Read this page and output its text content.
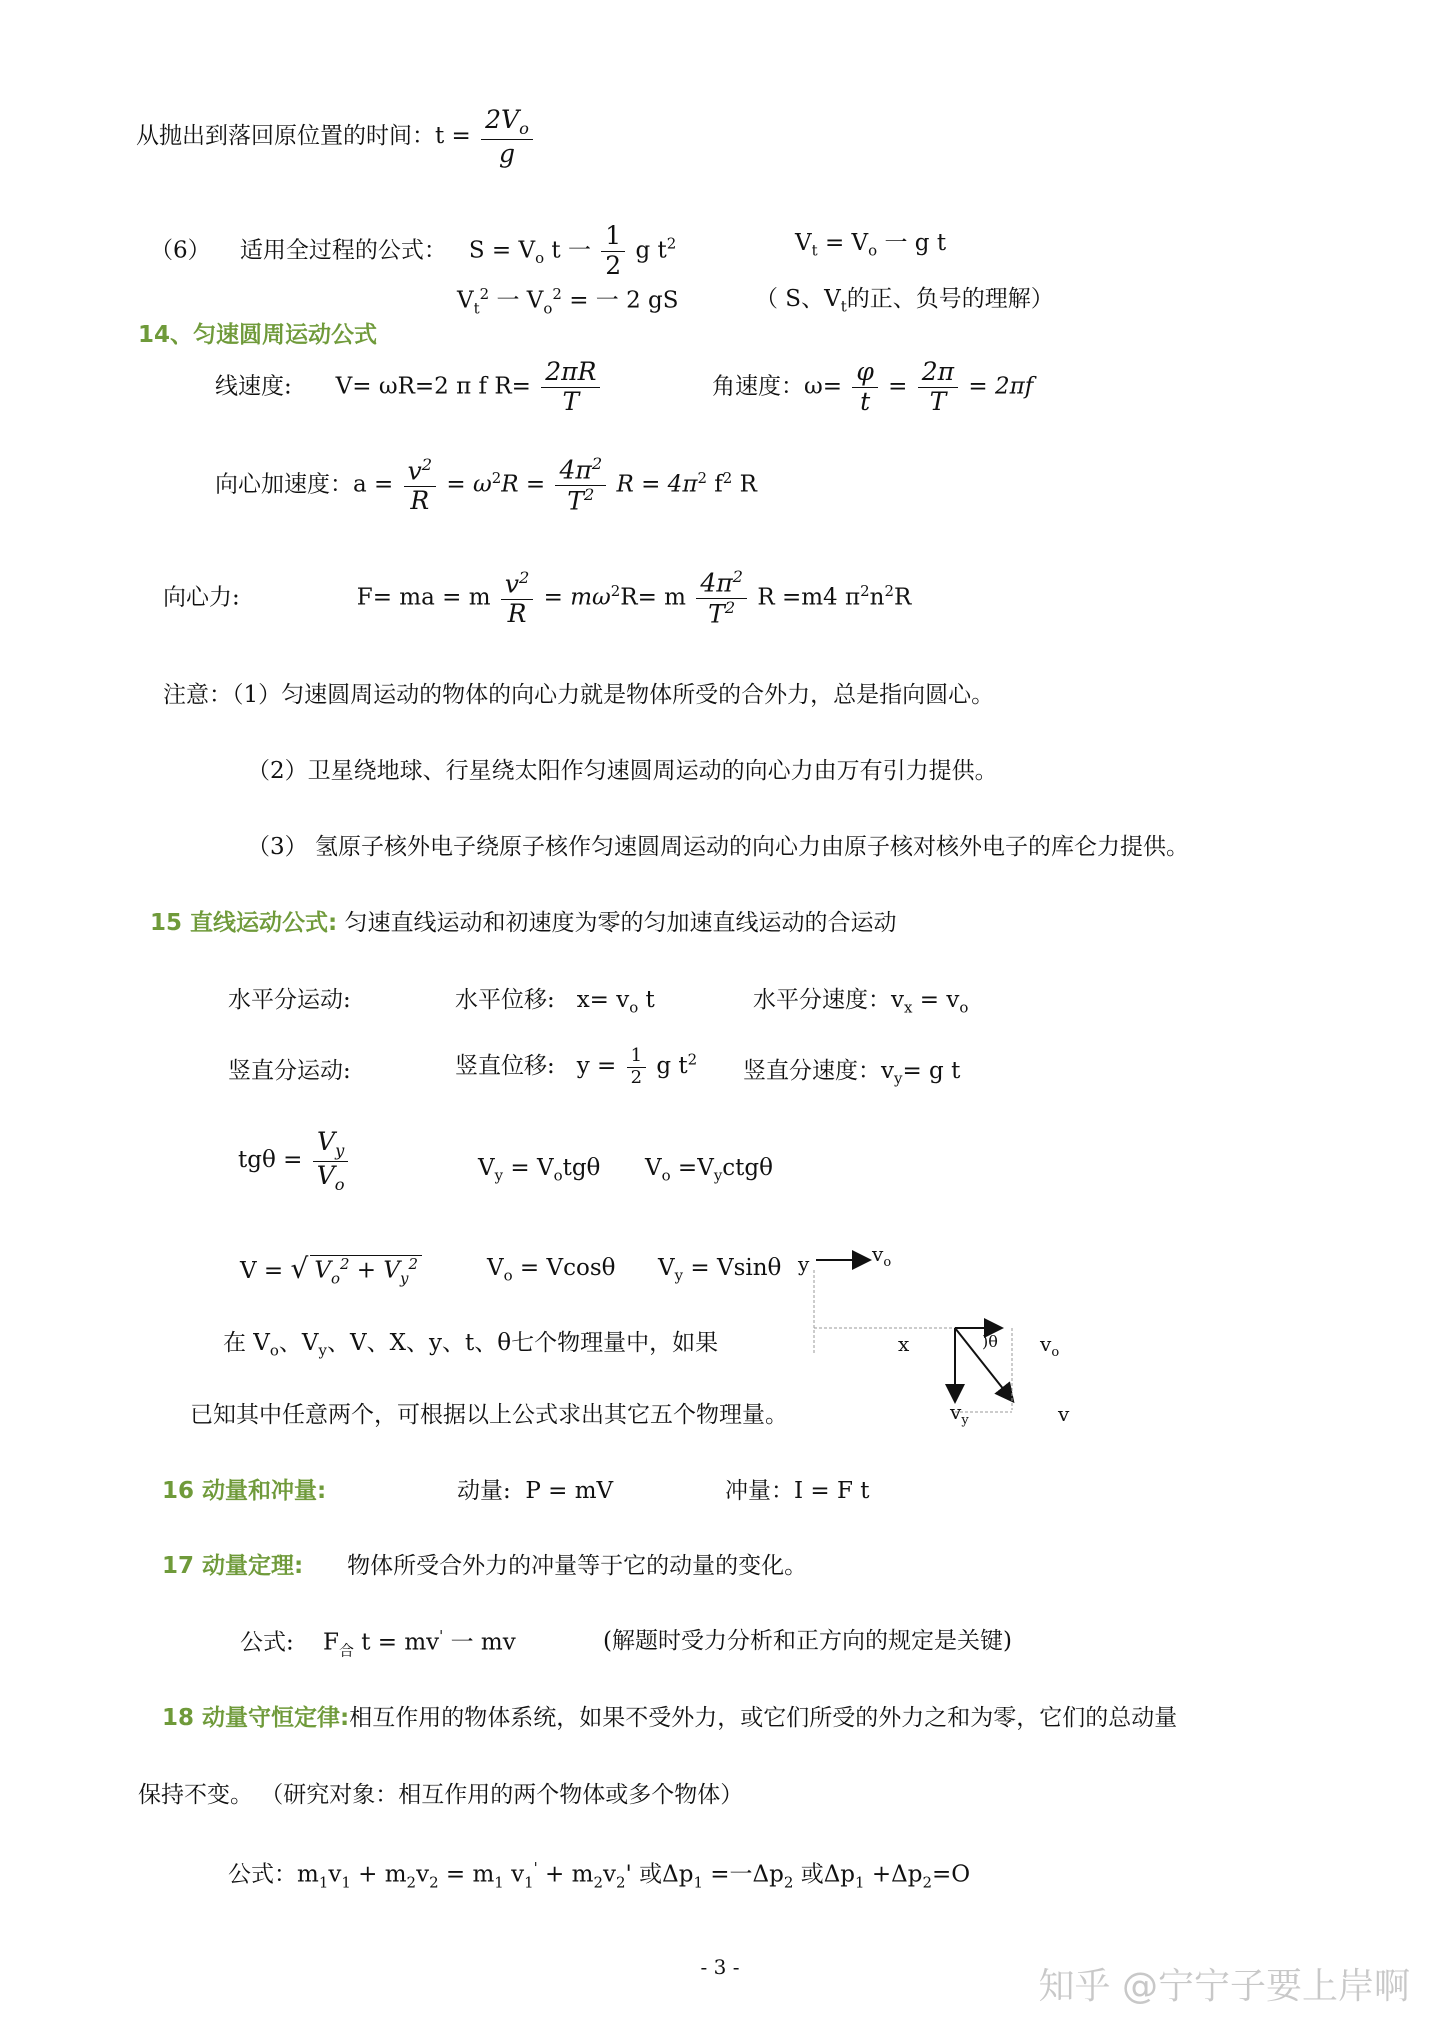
从抛出到落回原位置的时间：$t = \frac{2V_o}{g}$
（6） 适用全过程的公式： $S = V_o$ t 一 $\frac{1}{2}$ g $t^2$	$V_t = V_o$ 一 g t
$V_t^2$ 一 $V_o^2$ = 一 2 gS	（ S、$V_t$的正、负号的理解）
14、匀速圆周运动公式
线速度: V= ωR=2 π f $R= \frac{2\pi R}{T}$	角速度：$\omega= \frac{\varphi}{t} = \frac{2\pi}{T} = 2\pi f$
向心加速度：$a = \frac{v^2}{R} = \omega^2R = \frac{4\pi^2}{T^2}$ $R = 4\pi^2$ $f^2$ R
向心力:	F= ma = m $\frac{v^2}{R} = m\omega^2R= m \frac{4\pi^2}{T^2}$ R =m4 $\pi^2n^2R$
注意：（1）匀速圆周运动的物体的向心力就是物体所受的合外力，总是指向圆心。
（2）卫星绕地球、行星绕太阳作匀速圆周运动的向心力由万有引力提供。
（3） 氢原子核外电子绕原子核作匀速圆周运动的向心力由原子核对核外电子的库仑力提供。
15 直线运动公式: 匀速直线运动和初速度为零的匀加速直线运动的合运动
水平分运动:	水平位移: $x= v_o$ t	水平分速度：$v_x = v_o$
竖直分运动:	竖直位移: $y = \frac{1}{2}$ g $t^2$ 竖直分速度：$v_y= g$ t
$tg\theta = \frac{V_y}{V_o}$	$V_y = V_otg\theta$ $V_o =V_yctg\theta$
V = √ $V_o^2 + V_y^2$	$V_o = Vcos\theta$ $V_y = Vsin\theta$
在 $V_o$、$V_y$、V、X、y、t、θ七个物理量中，如果
已知其中任意两个，可根据以上公式求出其它五个物理量。
y	$v_o$
x	)θ $v_o$
$v_y$	v
16 动量和冲量:	动量: P = mV	冲量：I = F t
17 动量定理: 物体所受合外力的冲量等于它的动量的变化。
公式: $F_合$ t = mv' 一 mv	(解题时受力分析和正方向的规定是关键)
18 动量守恒定律:相互作用的物体系统，如果不受外力，或它们所受的外力之和为零，它们的总动量
保持不变。 （研究对象：相互作用的两个物体或多个物体）
公式：$m_1v_1 + m_2v_2 = m_1$ $v_1' + m_2v_2'$ 或$\Delta p_1$ =一$\Delta p_2$ 或$\Delta p_1 +\Delta p_2=O$
- 3 -	知乎 @宁宁子要上岸啊
